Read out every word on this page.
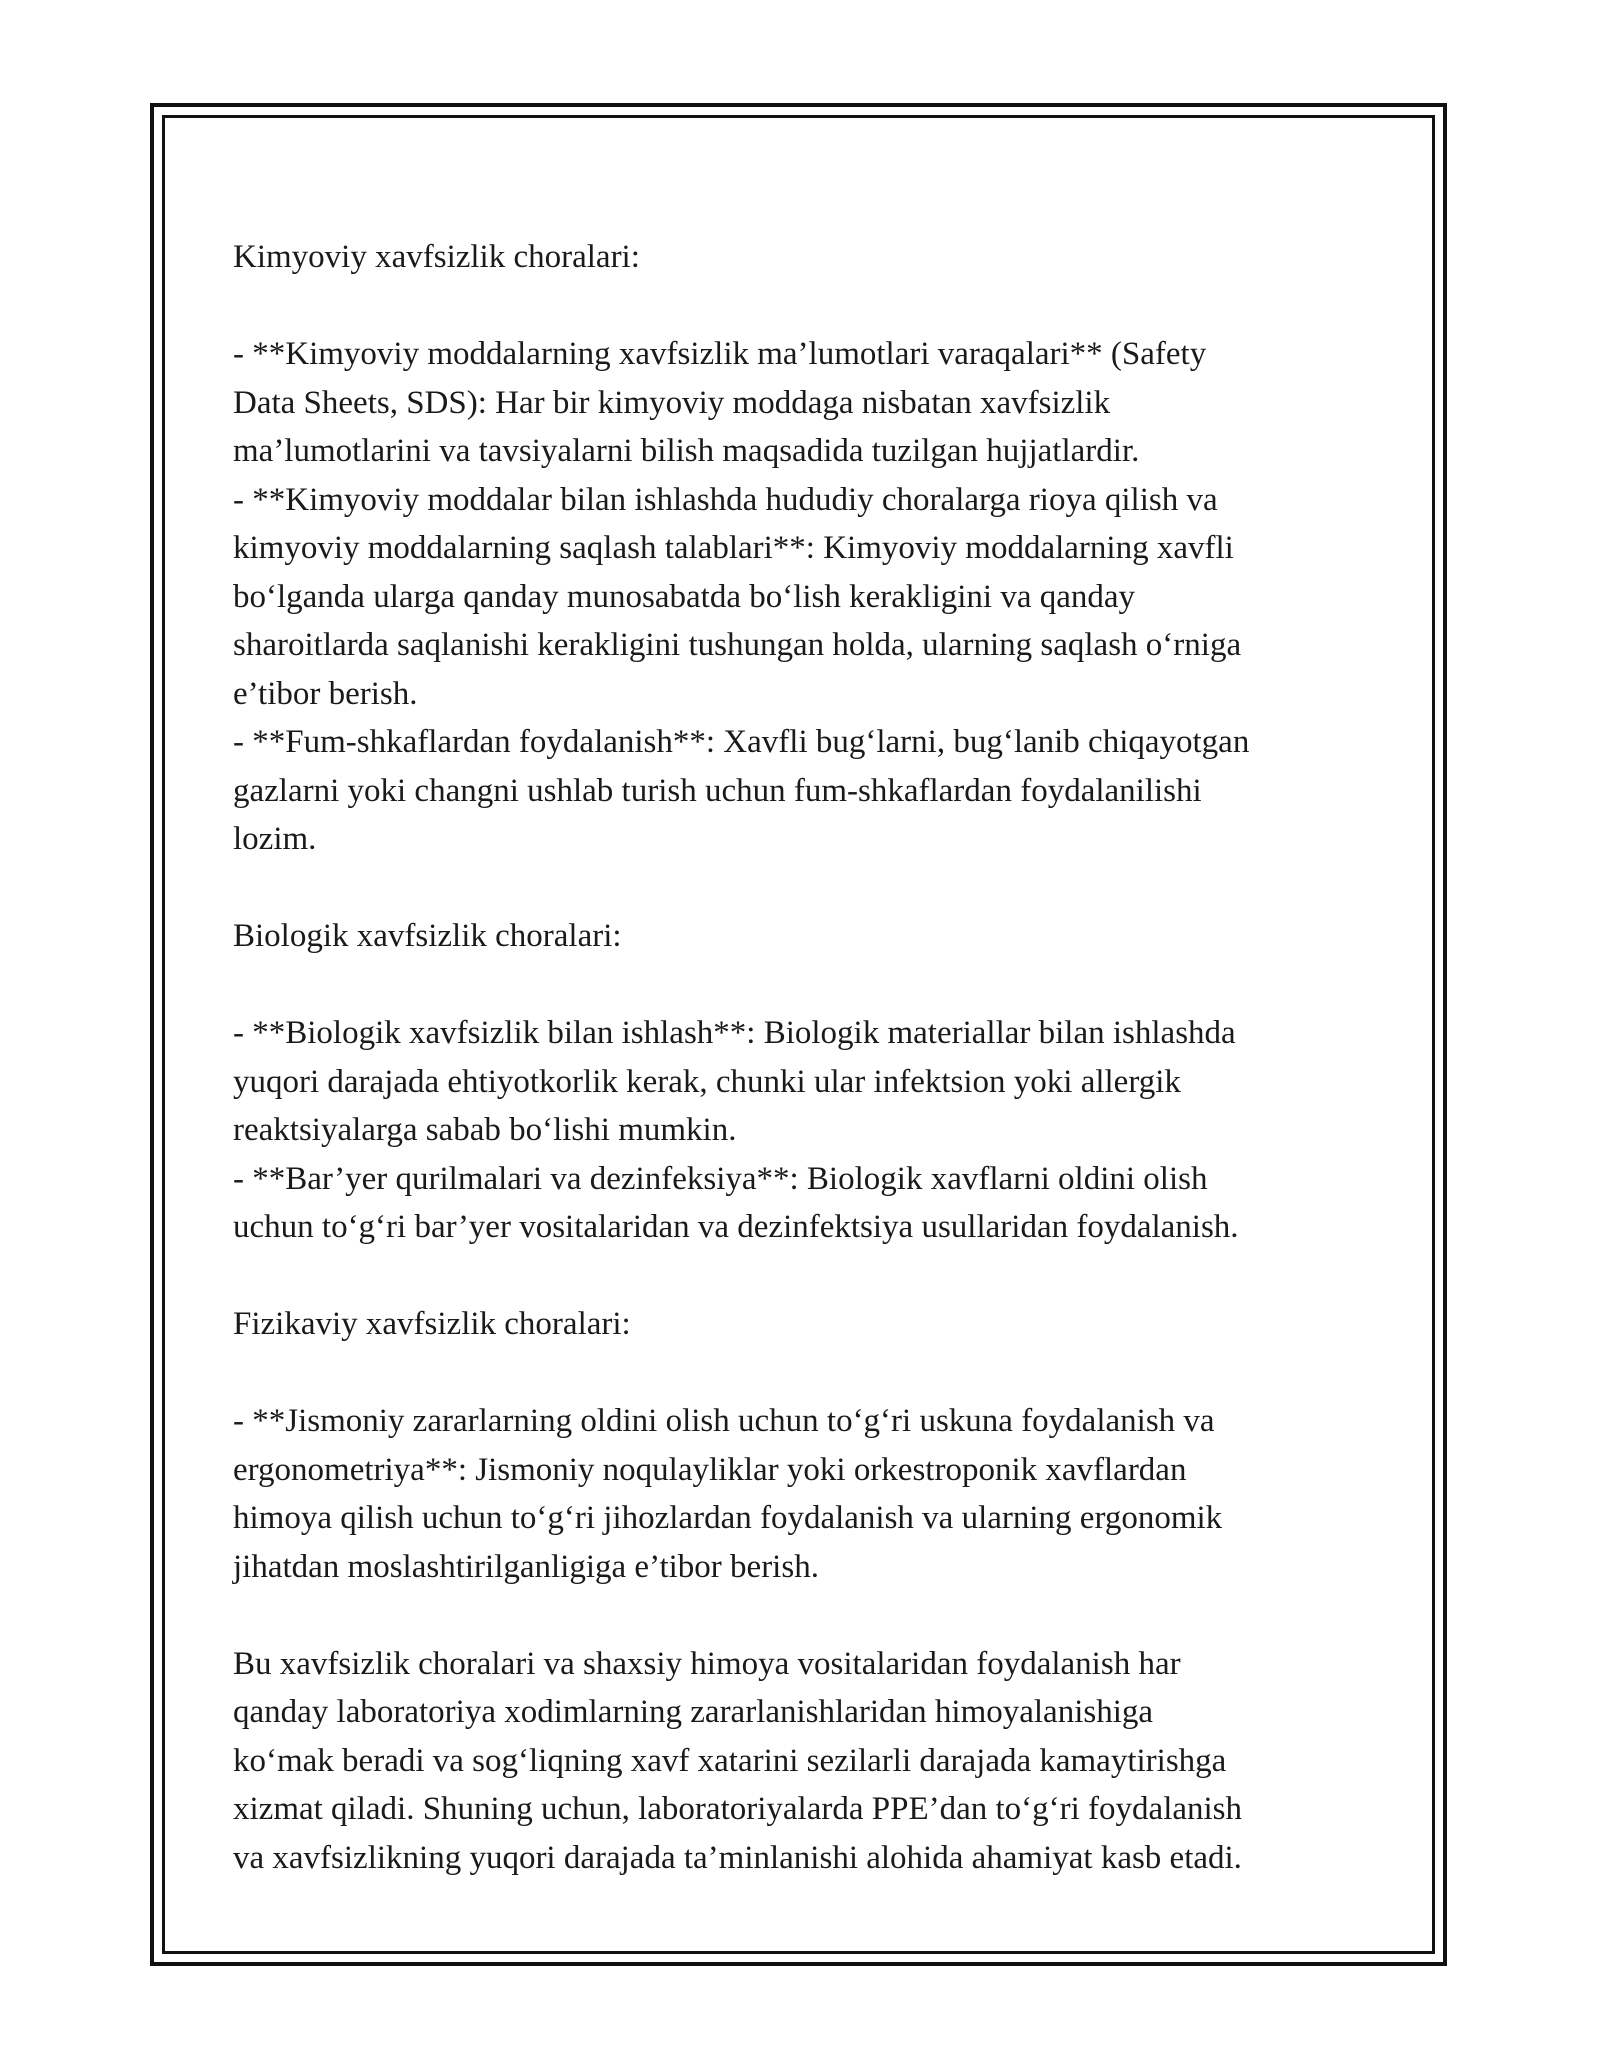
Kimyoviy xavfsizlik choralari:

- **Kimyoviy moddalarning xavfsizlik ma’lumotlari varaqalari** (Safety

Data Sheets, SDS): Har bir kimyoviy moddaga nisbatan xavfsizlik

ma’lumotlarini va tavsiyalarni bilish maqsadida tuzilgan hujjatlardir.

- **Kimyoviy moddalar bilan ishlashda hududiy choralarga rioya qilish va

kimyoviy moddalarning saqlash talablari**: Kimyoviy moddalarning xavfli

bo‘lganda ularga qanday munosabatda bo‘lish kerakligini va qanday

sharoitlarda saqlanishi kerakligini tushungan holda, ularning saqlash o‘rniga

e’tibor berish.

- **Fum-shkaflardan foydalanish**: Xavfli bug‘larni, bug‘lanib chiqayotgan

gazlarni yoki changni ushlab turish uchun fum-shkaflardan foydalanilishi

lozim.

Biologik xavfsizlik choralari:

- **Biologik xavfsizlik bilan ishlash**: Biologik materiallar bilan ishlashda

yuqori darajada ehtiyotkorlik kerak, chunki ular infektsion yoki allergik

reaktsiyalarga sabab bo‘lishi mumkin.

- **Bar’yer qurilmalari va dezinfeksiya**: Biologik xavflarni oldini olish

uchun to‘g‘ri bar’yer vositalaridan va dezinfektsiya usullaridan foydalanish.

Fizikaviy xavfsizlik choralari:

- **Jismoniy zararlarning oldini olish uchun to‘g‘ri uskuna foydalanish va

ergonometriya**: Jismoniy noqulayliklar yoki orkestroponik xavflardan

himoya qilish uchun to‘g‘ri jihozlardan foydalanish va ularning ergonomik

jihatdan moslashtirilganligiga e’tibor berish.

Bu xavfsizlik choralari va shaxsiy himoya vositalaridan foydalanish har

qanday laboratoriya xodimlarning zararlanishlaridan himoyalanishiga

ko‘mak beradi va sog‘liqning xavf xatarini sezilarli darajada kamaytirishga

xizmat qiladi. Shuning uchun, laboratoriyalarda PPE’dan to‘g‘ri foydalanish

va xavfsizlikning yuqori darajada ta’minlanishi alohida ahamiyat kasb etadi.
